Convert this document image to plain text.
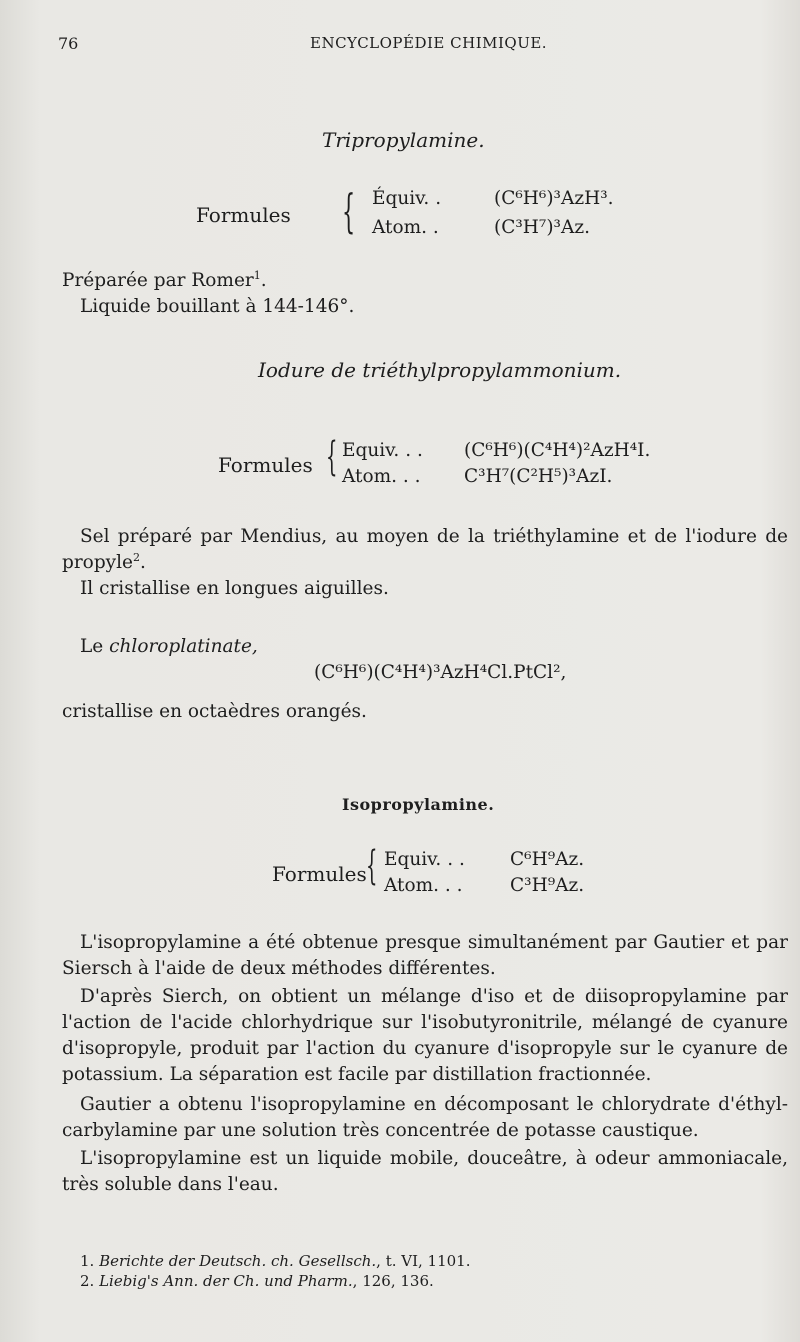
76	ENCYCLOPÉDIE CHIMIQUE.
Tripropylamine.
Formules { Équiv. .	(C⁶H⁶)³AzH³.
Atom. .	(C³H⁷)³Az.
Préparée par Romer$^1$.
Liquide bouillant à 144-146°.
Iodure de triéthylpropylammonium.
Formules { Equiv. . . (C⁶H⁶)(C⁴H⁴)²AzH⁴I.
Atom. . . C³H⁷(C²H⁵)³AzI.
Sel préparé par Mendius, au moyen de la triéthylamine et de l'iodure de propyle$^2$.
Il cristallise en longues aiguilles.
Le chloroplatinate,
(C⁶H⁶)(C⁴H⁴)³AzH⁴Cl.PtCl²,
cristallise en octaèdres orangés.
Isopropylamine.
Formules { Equiv. . . C⁶H⁹Az.
Atom. . .	C³H⁹Az.
L'isopropylamine a été obtenue presque simultanément par Gautier et par Siersch à l'aide de deux méthodes différentes.
D'après Sierch, on obtient un mélange d'iso et de diisopropylamine par l'action de l'acide chlorhydrique sur l'isobutyronitrile, mélangé de cyanure d'isopropyle, produit par l'action du cyanure d'isopropyle sur le cyanure de potassium. La séparation est facile par distillation fractionnée.
Gautier a obtenu l'isopropylamine en décomposant le chlorydrate d'éthyl-carbylamine par une solution très concentrée de potasse caustique.
L'isopropylamine est un liquide mobile, douceâtre, à odeur ammoniacale, très soluble dans l'eau.
1. Berichte der Deutsch. ch. Gesellsch., t. VI, 1101.
2. Liebig's Ann. der Ch. und Pharm., 126, 136.
